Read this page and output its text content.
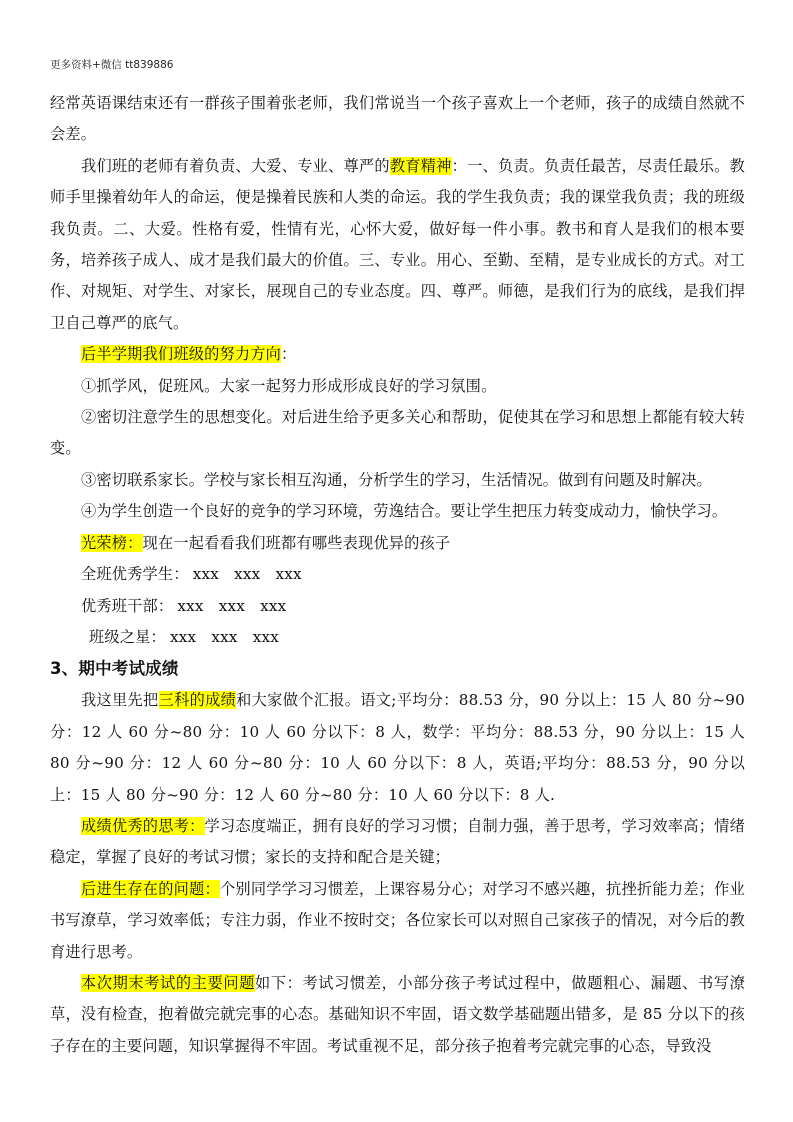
更多资料+微信 tt839886

经常英语课结束还有一群孩子围着张老师，我们常说当一个孩子喜欢上一个老师，孩子的成绩自然就不会差。

我们班的老师有着负责、大爱、专业、尊严的教育精神：一、负责。负责任最苦，尽责任最乐。教师手里操着幼年人的命运，便是操着民族和人类的命运。我的学生我负责；我的课堂我负责；我的班级我负责。二、大爱。性格有爱，性情有光，心怀大爱，做好每一件小事。教书和育人是我们的根本要务，培养孩子成人、成才是我们最大的价值。三、专业。用心、至勤、至精，是专业成长的方式。对工作、对规矩、对学生、对家长，展现自己的专业态度。四、尊严。师德，是我们行为的底线，是我们捍卫自己尊严的底气。

后半学期我们班级的努力方向：

①抓学风，促班风。大家一起努力形成形成良好的学习氛围。

②密切注意学生的思想变化。对后进生给予更多关心和帮助，促使其在学习和思想上都能有较大转变。

③密切联系家长。学校与家长相互沟通，分析学生的学习，生活情况。做到有问题及时解决。

④为学生创造一个良好的竞争的学习环境，劳逸结合。要让学生把压力转变成动力，愉快学习。

光荣榜：现在一起看看我们班都有哪些表现优异的孩子

全班优秀学生： xxx   xxx   xxx

优秀班干部： xxx   xxx   xxx

班级之星： xxx   xxx   xxx

3、期中考试成绩

我这里先把三科的成绩和大家做个汇报。语文;平均分：88.53 分，90 分以上：15 人 80 分~90 分：12 人 60 分~80 分：10 人 60 分以下：8 人，数学：平均分：88.53 分，90 分以上：15 人 80 分~90 分：12 人 60 分~80 分：10 人 60 分以下：8 人，英语;平均分：88.53 分，90 分以上：15 人 80 分~90 分：12 人 60 分~80 分：10 人 60 分以下：8 人.

成绩优秀的思考：学习态度端正，拥有良好的学习习惯；自制力强，善于思考，学习效率高；情绪稳定，掌握了良好的考试习惯；家长的支持和配合是关键；

后进生存在的问题：个别同学学习习惯差，上课容易分心；对学习不感兴趣，抗挫折能力差；作业书写潦草，学习效率低；专注力弱，作业不按时交；各位家长可以对照自己家孩子的情况，对今后的教育进行思考。

本次期末考试的主要问题如下：考试习惯差，小部分孩子考试过程中，做题粗心、漏题、书写潦草，没有检查，抱着做完就完事的心态。基础知识不牢固，语文数学基础题出错多，是 85 分以下的孩子存在的主要问题，知识掌握得不牢固。考试重视不足，部分孩子抱着考完就完事的心态，导致没
